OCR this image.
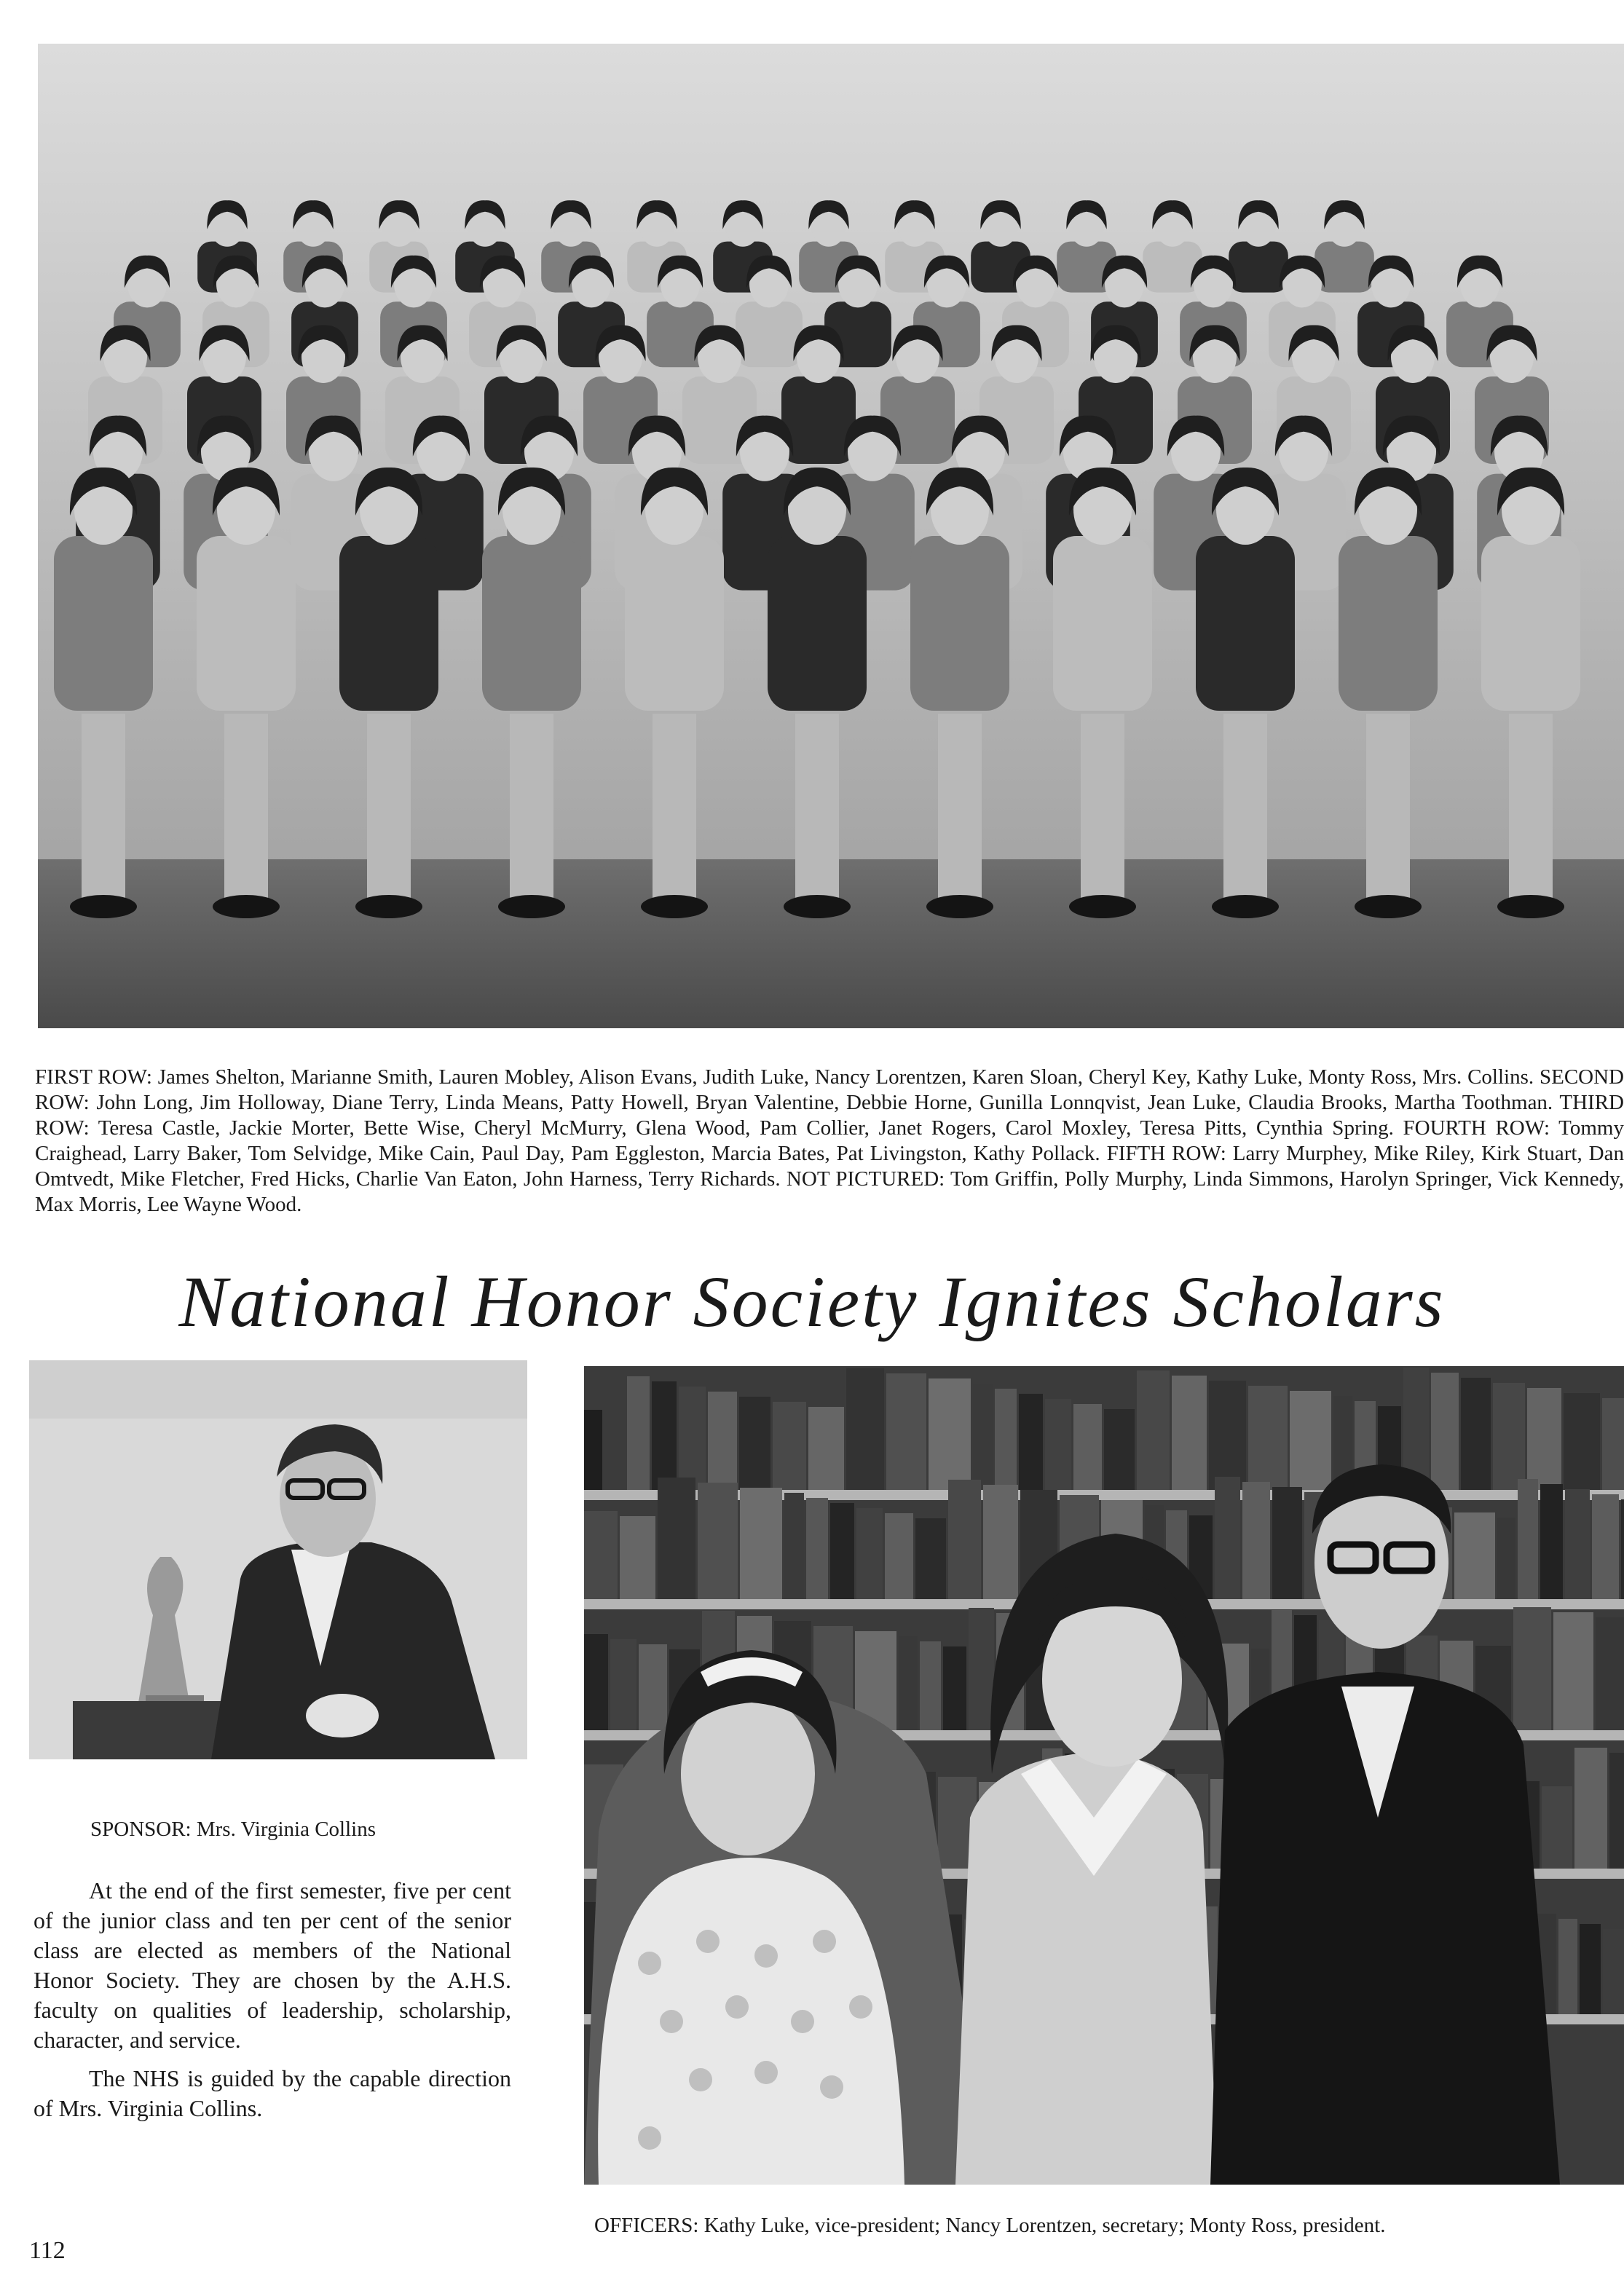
FIRST ROW: James Shelton, Marianne Smith, Lauren Mobley, Alison Evans, Judith Luke, Nancy Lorentzen, Karen Sloan, Cheryl Key, Kathy Luke, Monty Ross, Mrs. Collins. SECOND ROW: John Long, Jim Holloway, Diane Terry, Linda Means, Patty Howell, Bryan Valentine, Debbie Horne, Gunilla Lonnqvist, Jean Luke, Claudia Brooks, Martha Toothman. THIRD ROW: Teresa Castle, Jackie Morter, Bette Wise, Cheryl McMurry, Glena Wood, Pam Collier, Janet Rogers, Carol Moxley, Teresa Pitts, Cynthia Spring. FOURTH ROW: Tommy Craighead, Larry Baker, Tom Selvidge, Mike Cain, Paul Day, Pam Eggleston, Marcia Bates, Pat Livingston, Kathy Pollack. FIFTH ROW: Larry Murphey, Mike Riley, Kirk Stuart, Dan Omtvedt, Mike Fletcher, Fred Hicks, Charlie Van Eaton, John Harness, Terry Richards. NOT PICTURED: Tom Griffin, Polly Murphy, Linda Simmons, Harolyn Springer, Vick Kennedy, Max Morris, Lee Wayne Wood.

National Honor Society Ignites Scholars

SPONSOR: Mrs. Virginia Collins

At the end of the first semester, five per cent of the junior class and ten per cent of the senior class are elected as members of the National Honor Society. They are chosen by the A.H.S. faculty on qualities of leadership, scholarship, character, and service.

The NHS is guided by the capable direction of Mrs. Virginia Collins.

OFFICERS: Kathy Luke, vice-president; Nancy Lorentzen, secretary; Monty Ross, president.

112
